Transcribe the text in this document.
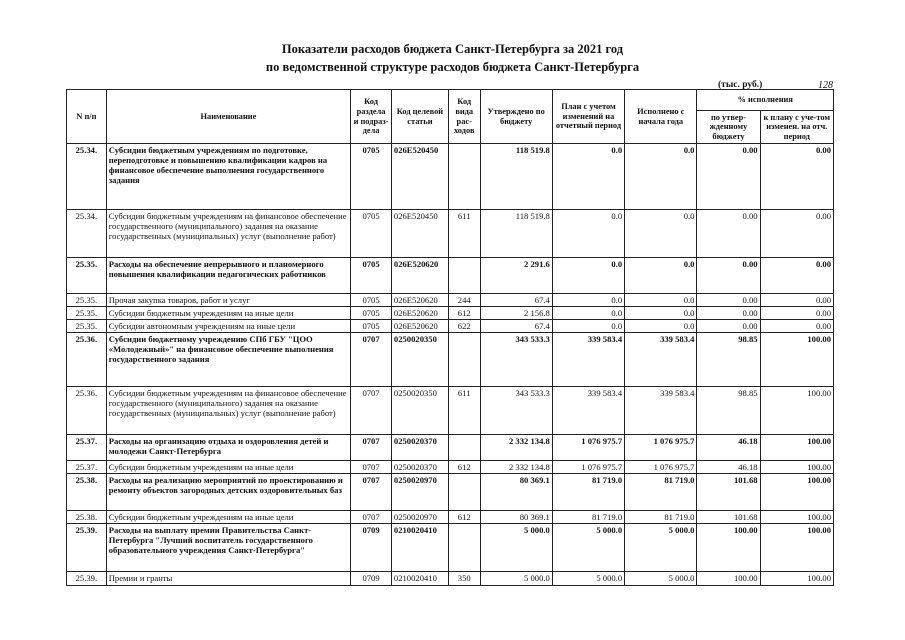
Показатели расходов бюджета Санкт-Петербурга за 2021 год
по ведомственной структуре расходов бюджета Санкт-Петербурга
(тыс. руб.)	128
N п/п	Наименование	Код раздела и подраз-дела	Код целевой статьи	Код вида рас-ходов	Утверждено по бюджету	План с учетом изменений на отчетный период	Исполнено с начала года	% исполнения	
								по утвер-жденному бюджету	к плану с уче-том изменен. на отч. период
25.34.	Субсидии бюджетным учреждениям по подготовке, переподготовке и повышению квалификации кадров на финансовое обеспечение выполнения государственного задания	0705	026Е520450		118 519.8	0.0	0.0	0.00	0.00
25.34.	Субсидии бюджетным учреждениям на финансовое обеспечение государственного (муниципального) задания на оказание государственных (муниципальных) услуг (выполнение работ)	0705	026Е520450	611	118 519.8	0.0	0.0	0.00	0.00
25.35.	Расходы на обеспечение непрерывного и планомерного повышения квалификации педагогических работников	0705	026Е520620		2 291.6	0.0	0.0	0.00	0.00
25.35.	Прочая закупка товаров, работ и услуг	0705	026Е520620	244	67.4	0.0	0.0	0.00	0.00
25.35.	Субсидии бюджетным учреждениям на иные цели	0705	026Е520620	612	2 156.8	0.0	0.0	0.00	0.00
25.35.	Субсидии автономным учреждениям на иные цели	0705	026Е520620	622	67.4	0.0	0.0	0.00	0.00
25.36.	Субсидии бюджетному учреждению СПб ГБУ "ЦОО «Молодежный»" на финансовое обеспечение выполнения государственного задания	0707	0250020350		343 533.3	339 583.4	339 583.4	98.85	100.00
25.36.	Субсидии бюджетным учреждениям на финансовое обеспечение государственного (муниципального) задания на оказание государственных (муниципальных) услуг (выполнение работ)	0707	0250020350	611	343 533.3	339 583.4	339 583.4	98.85	100.00
25.37.	Расходы на организацию отдыха и оздоровления детей и молодежи Санкт-Петербурга	0707	0250020370		2 332 134.8	1 076 975.7	1 076 975.7	46.18	100.00
25.37.	Субсидии бюджетным учреждениям на иные цели	0707	0250020370	612	2 332 134.8	1 076 975.7	1 076 975.7	46.18	100.00
25.38.	Расходы на реализацию мероприятий по проектированию и ремонту объектов загородных детских оздоровительных баз	0707	0250020970		80 369.1	81 719.0	81 719.0	101.68	100.00
25.38.	Субсидии бюджетным учреждениям на иные цели	0707	0250020970	612	80 369.1	81 719.0	81 719.0	101.68	100.00
25.39.	Расходы на выплату премии Правительства Санкт-Петербурга "Лучший воспитатель государственного образовательного учреждения Санкт-Петербурга"	0709	0210020410		5 000.0	5 000.0	5 000.0	100.00	100.00
25.39.	Премии и гранты	0709	0210020410	350	5 000.0	5 000.0	5 000.0	100.00	100.00
